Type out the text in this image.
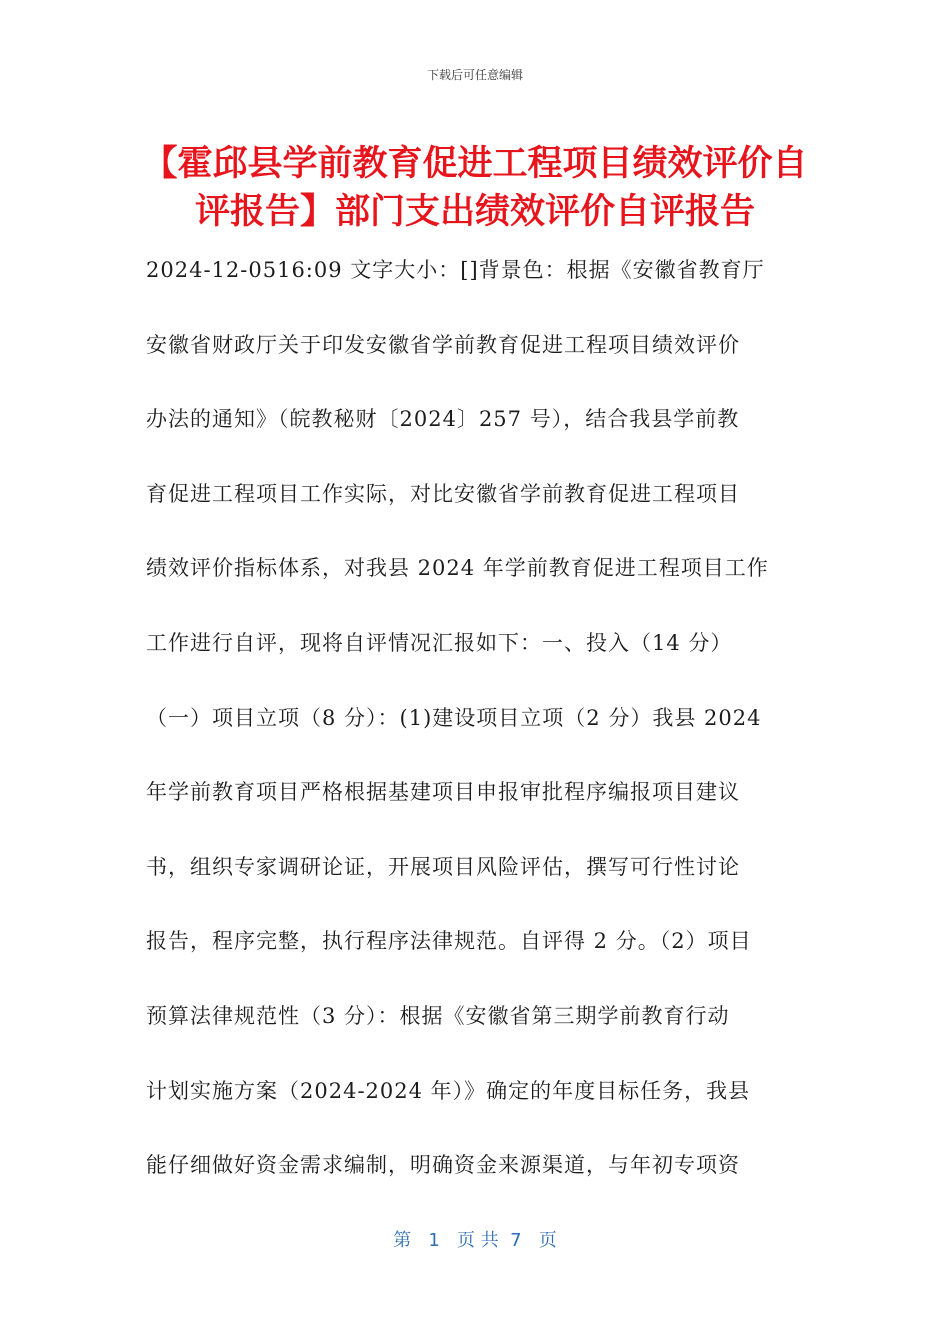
下载后可任意编辑
【霍邱县学前教育促进工程项目绩效评价自
评报告】部门支出绩效评价自评报告
2024-12-0516:09 文字大小：[]背景色：根据《安徽省教育厅
安徽省财政厅关于印发安徽省学前教育促进工程项目绩效评价
办法的通知》（皖教秘财〔2024〕257 号），结合我县学前教
育促进工程项目工作实际，对比安徽省学前教育促进工程项目
绩效评价指标体系，对我县 2024 年学前教育促进工程项目工作
工作进行自评，现将自评情况汇报如下：一、投入（14 分）
（一）项目立项（8 分）：(1)建设项目立项（2 分）我县 2024
年学前教育项目严格根据基建项目申报审批程序编报项目建议
书，组织专家调研论证，开展项目风险评估，撰写可行性讨论
报告，程序完整，执行程序法律规范。自评得 2 分。（2）项目
预算法律规范性（3 分）：根据《安徽省第三期学前教育行动
计划实施方案（2024-2024 年）》确定的年度目标任务，我县
能仔细做好资金需求编制，明确资金来源渠道，与年初专项资
第   1   页 共  7   页
